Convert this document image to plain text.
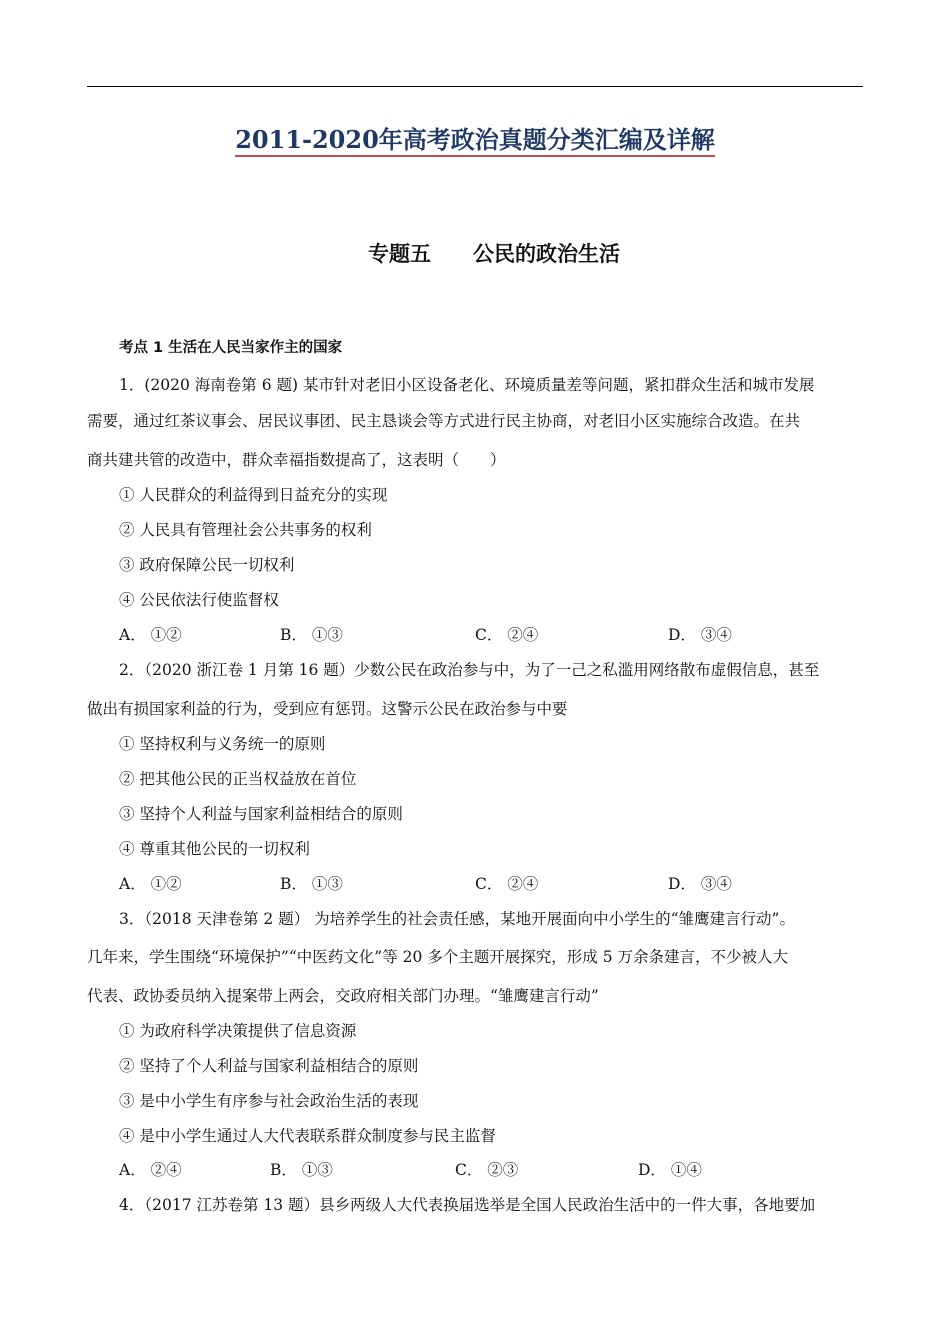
2011-2020年高考政治真题分类汇编及详解
专题五　　公民的政治生活
考点 1 生活在人民当家作主的国家
1．(2020 海南卷第 6 题) 某市针对老旧小区设备老化、环境质量差等问题，紧扣群众生活和城市发展
需要，通过红茶议事会、居民议事团、民主恳谈会等方式进行民主协商，对老旧小区实施综合改造。在共
商共建共管的改造中，群众幸福指数提高了，这表明（　　）
① 人民群众的利益得到日益充分的实现
② 人民具有管理社会公共事务的权利
③ 政府保障公民一切权利
④ 公民依法行使监督权
A． ①②	B． ①③	C． ②④	D． ③④
2．（2020 浙江卷 1 月第 16 题）少数公民在政治参与中，为了一己之私滥用网络散布虚假信息，甚至
做出有损国家利益的行为，受到应有惩罚。这警示公民在政治参与中要
① 坚持权利与义务统一的原则
② 把其他公民的正当权益放在首位
③ 坚持个人利益与国家利益相结合的原则
④ 尊重其他公民的一切权利
A． ①②	B． ①③	C． ②④	D． ③④
3．（2018 天津卷第 2 题） 为培养学生的社会责任感，某地开展面向中小学生的“雏鹰建言行动”。
几年来，学生围绕“环境保护”“中医药文化”等 20 多个主题开展探究，形成 5 万余条建言，不少被人大
代表、政协委员纳入提案带上两会，交政府相关部门办理。“雏鹰建言行动”
① 为政府科学决策提供了信息资源
② 坚持了个人利益与国家利益相结合的原则
③ 是中小学生有序参与社会政治生活的表现
④ 是中小学生通过人大代表联系群众制度参与民主监督
A． ②④	B． ①③	C． ②③	D． ①④
4．（2017 江苏卷第 13 题）县乡两级人大代表换届选举是全国人民政治生活中的一件大事，各地要加
